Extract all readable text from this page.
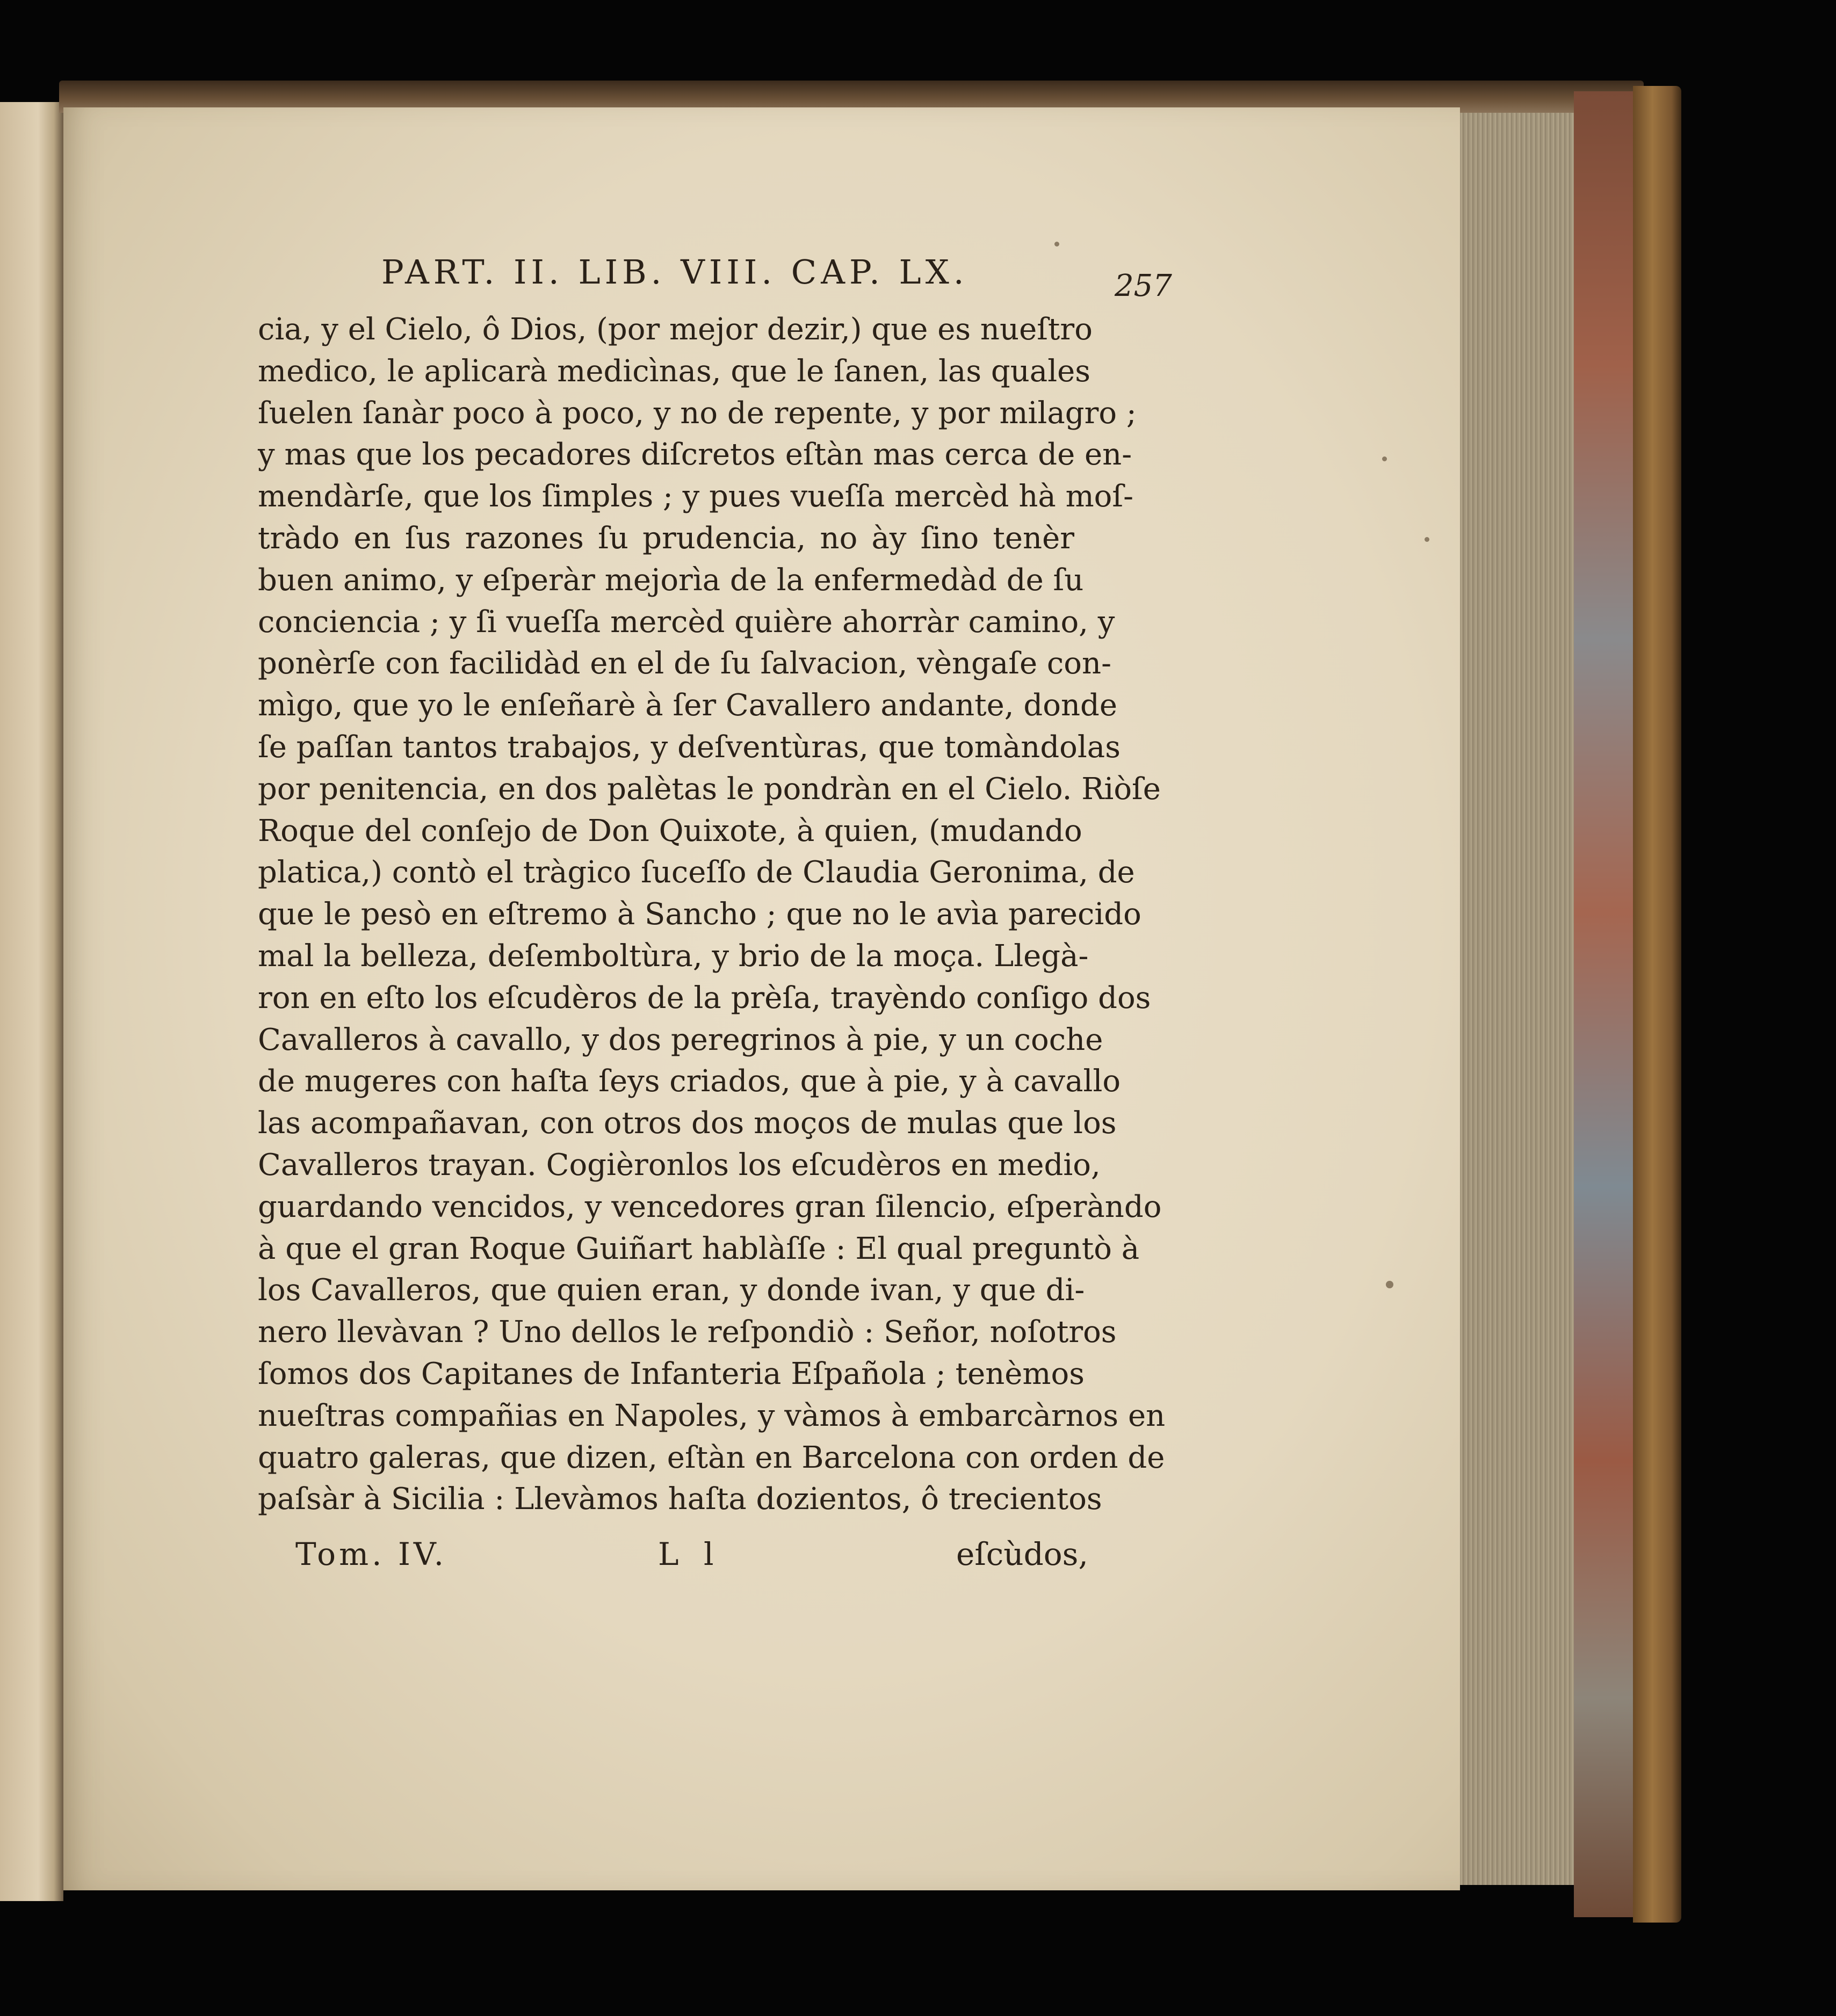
PART. II. LIB. VIII. CAP. LX.	257
cia, y el Cielo, ô Dios, (por mejor dezir,) que es nueſtro
medico, le aplicarà medicìnas, que le ſanen, las quales
ſuelen ſanàr poco à poco, y no de repente, y por milagro ;
y mas que los pecadores diſcretos eſtàn mas cerca de en-
mendàrſe, que los ſimples ; y pues vueſſa mercèd hà moſ-
tràdo en ſus razones ſu prudencia, no ày ſino tenèr
buen animo, y eſperàr mejorìa de la enfermedàd de ſu
conciencia ; y ſi vueſſa mercèd quière ahorràr camino, y
ponèrſe con facilidàd en el de ſu ſalvacion, vèngaſe con-
mìgo, que yo le enſeñarè à ſer Cavallero andante, donde
ſe paſſan tantos trabajos, y deſventùras, que tomàndolas
por penitencia, en dos palètas le pondràn en el Cielo. Riòſe
Roque del conſejo de Don Quixote, à quien, (mudando
platica,) contò el tràgico ſuceſſo de Claudia Geronima, de
que le pesò en eſtremo à Sancho ; que no le avìa parecido
mal la belleza, deſemboltùra, y brio de la moça. Llegà-
ron en eſto los eſcudèros de la prèſa, trayèndo conſigo dos
Cavalleros à cavallo, y dos peregrinos à pie, y un coche
de mugeres con haſta ſeys criados, que à pie, y à cavallo
las acompañavan, con otros dos moços de mulas que los
Cavalleros trayan. Cogièronlos los eſcudèros en medio,
guardando vencidos, y vencedores gran ſilencio, eſperàndo
à que el gran Roque Guiñart hablàſſe : El qual preguntò à
los Cavalleros, que quien eran, y donde ivan, y que di-
nero llevàvan ? Uno dellos le reſpondiò : Señor, noſotros
ſomos dos Capitanes de Infanteria Eſpañola ; tenèmos
nueſtras compañias en Napoles, y vàmos à embarcàrnos en
quatro galeras, que dizen, eſtàn en Barcelona con orden de
paſsàr à Sicilia : Llevàmos haſta dozientos, ô trecientos
Tom. IV.	L l	eſcùdos,
